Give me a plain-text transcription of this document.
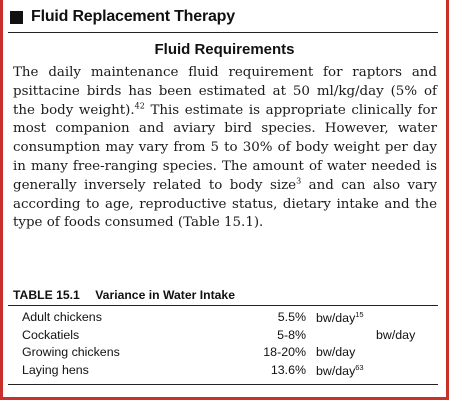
Fluid Replacement Therapy
Fluid Requirements
The daily maintenance fluid requirement for raptors and psittacine birds has been estimated at 50 ml/kg/day (5% of the body weight).$^{42}$ This estimate is appropriate clinically for most companion and aviary bird species. However, water consumption may vary from 5 to 30% of body weight per day in many free-ranging species. The amount of water needed is generally inversely related to body size$^3$ and can also vary according to age, reproductive status, dietary intake and the type of foods consumed (Table 15.1).
TABLE 15.1 Variance in Water Intake
Adult chickens	5.5% bw/day$^{15}$
Cockatiels	5-8%	bw/day
Growing chickens	18-20% bw/day
Laying hens	13.6% bw/day$^{63}$
